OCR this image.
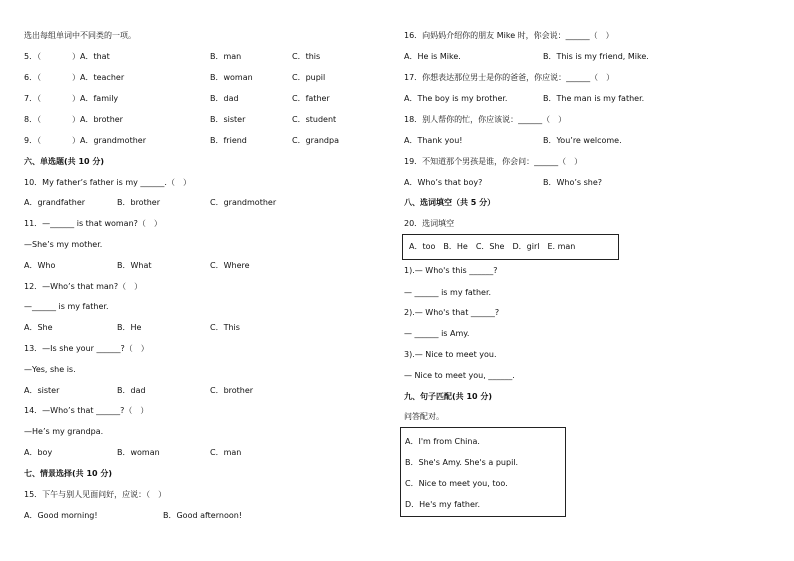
选出每组单词中不同类的一项。
5．（	）A．that	B．man	C．this
6．（	）A．teacher	B．woman	C．pupil
7．（	）A．family	B．dad	C．father
8．（	）A．brother	B．sister	C．student
9．（	）A．grandmother	B．friend	C．grandpa
六、单选题(共 10 分)
10．My father’s father is my ______.（　）
A．grandfather	B．brother	C．grandmother
11．—______ is that woman?（　）
—She’s my mother.
A．Who	B．What	C．Where
12．—Who’s that man?（　）
—______ is my father.
A．She	B．He	C．This
13．—Is she your ______?（　）
—Yes, she is.
A．sister	B．dad	C．brother
14．—Who’s that ______?（　）
—He’s my grandpa.
A．boy	B．woman	C．man
七、情景选择(共 10 分)
15．下午与别人见面问好，应说：（　）
A．Good morning!	B．Good afternoon!
16．向妈妈介绍你的朋友 Mike 时，你会说：______（　）
A．He is Mike.	B．This is my friend, Mike.
17．你想表达那位男士是你的爸爸，你应说：______（　）
A．The boy is my brother.	B．The man is my father.
18．别人帮你的忙，你应该说：______（　）
A．Thank you!	B．You’re welcome.
19．不知道那个男孩是谁，你会问：______（　）
A．Who’s that boy?	B．Who’s she?
八、选词填空（共 5 分）
20．选词填空
A．too　B．He　C．She　D．girl　E. man
1).— Who's this ______?
— ______ is my father.
2).— Who's that ______?
— ______ is Amy.
3).— Nice to meet you.
— Nice to meet you, ______.
九、句子匹配(共 10 分)
问答配对。
A．I'm from China.
B．She's Amy. She's a pupil.
C．Nice to meet you, too.
D．He's my father.
